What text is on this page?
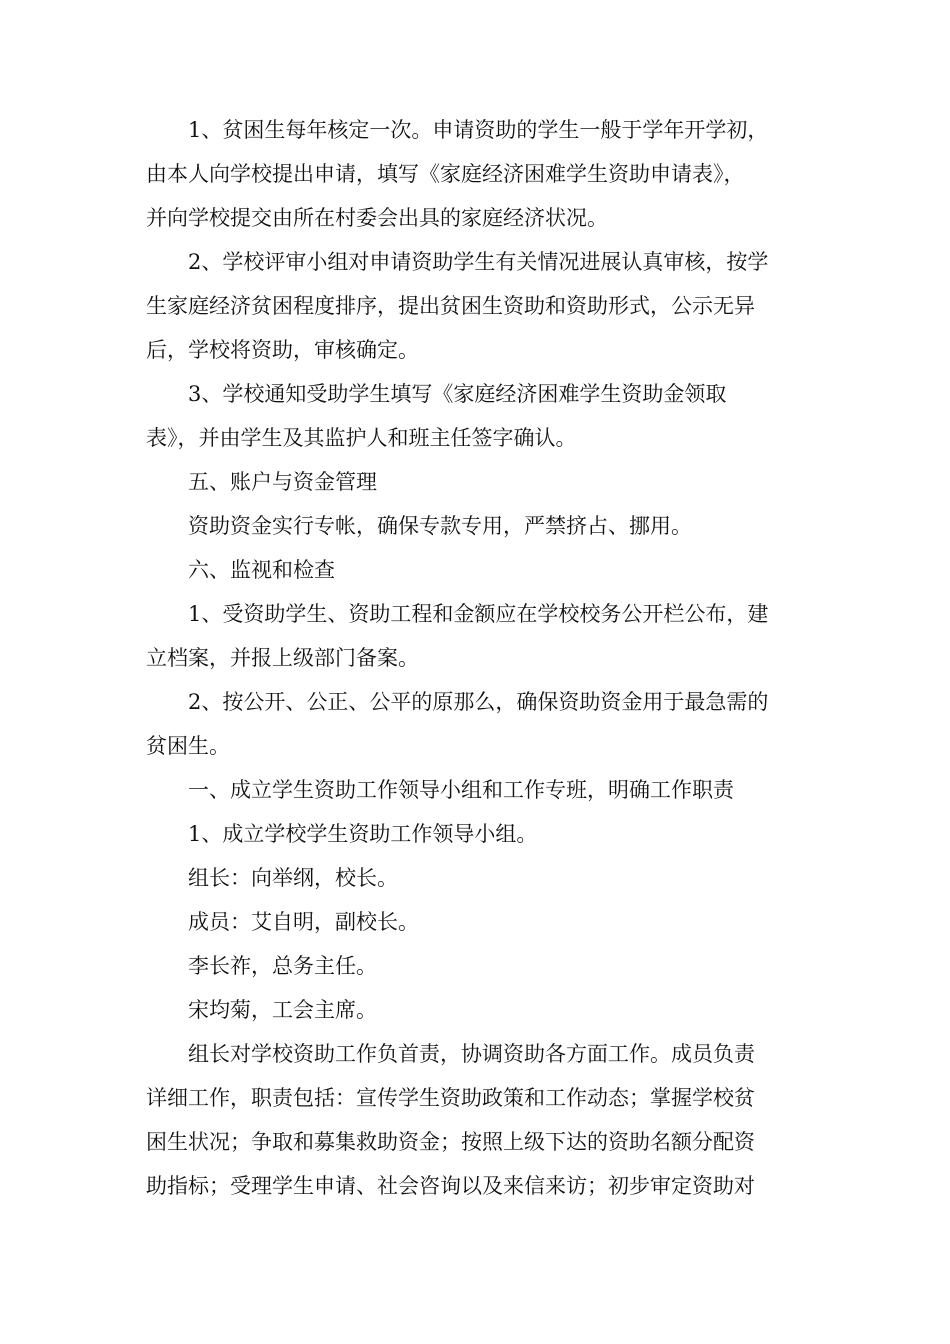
1、贫困生每年核定一次。申请资助的学生一般于学年开学初，
由本人向学校提出申请，填写《家庭经济困难学生资助申请表》，
并向学校提交由所在村委会出具的家庭经济状况。

2、学校评审小组对申请资助学生有关情况进展认真审核，按学
生家庭经济贫困程度排序，提出贫困生资助和资助形式，公示无异
后，学校将资助，审核确定。

3、学校通知受助学生填写《家庭经济困难学生资助金领取
表》，并由学生及其监护人和班主任签字确认。

五、账户与资金管理

资助资金实行专帐，确保专款专用，严禁挤占、挪用。

六、监视和检查

1、受资助学生、资助工程和金额应在学校校务公开栏公布，建
立档案，并报上级部门备案。

2、按公开、公正、公平的原那么，确保资助资金用于最急需的
贫困生。

一、成立学生资助工作领导小组和工作专班，明确工作职责

1、成立学校学生资助工作领导小组。

组长：向举纲，校长。

成员：艾自明，副校长。

李长祚，总务主任。

宋均菊，工会主席。

组长对学校资助工作负首责，协调资助各方面工作。成员负责
详细工作，职责包括：宣传学生资助政策和工作动态；掌握学校贫
困生状况；争取和募集救助资金；按照上级下达的资助名额分配资
助指标；受理学生申请、社会咨询以及来信来访；初步审定资助对
